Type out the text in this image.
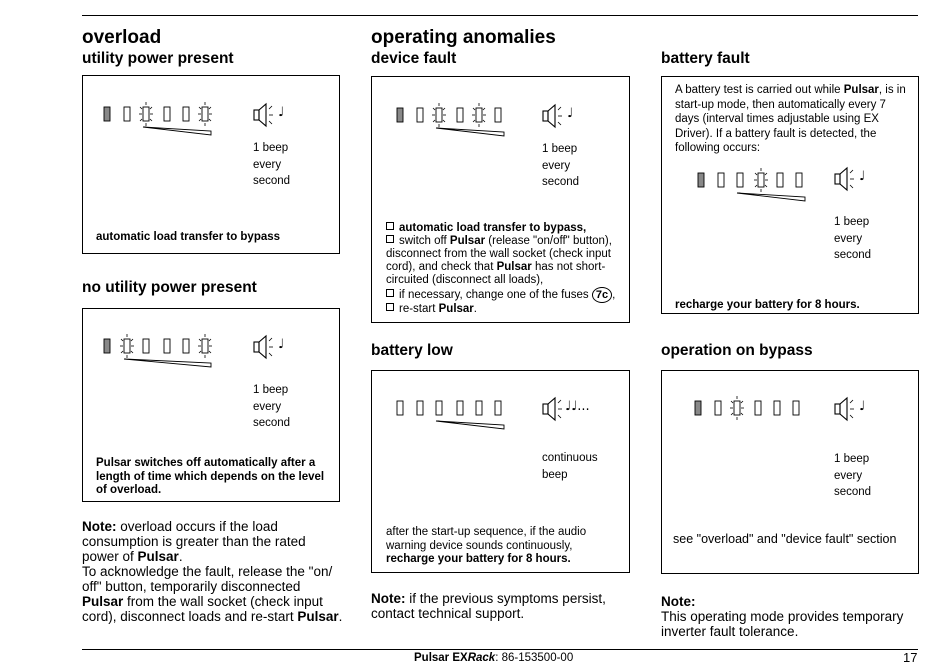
overload
utility power present
♩
1 beep
every
second
automatic load transfer to bypass
no utility power present
♩
1 beep
every
second
Pulsar switches off automatically after a length of time which depends on the level of overload.
Note: overload occurs if the load consumption is greater than the rated power of Pulsar.
To acknowledge the fault, release the "on/ off" button, temporarily disconnected Pulsar from the wall socket (check input cord), disconnect loads and re-start Pulsar.
operating anomalies
device fault
♩
1 beep
every
second
automatic load transfer to bypass,
switch off Pulsar (release "on/off" button), disconnect from the wall socket (check input cord), and check that Pulsar has not short-circuited (disconnect all loads),
if necessary, change one of the fuses 7c ,
re-start Pulsar.
battery low
♩♩...
continuous
beep
after the start-up sequence, if the audio warning device sounds continuously,
recharge your battery for 8 hours.
Note: if the previous symptoms persist, contact technical support.
battery fault
A battery test is carried out while Pulsar, is in start-up mode, then automatically every 7 days (interval times adjustable using EX Driver). If a battery fault is detected, the following occurs:
♩
1 beep
every
second
recharge your battery for 8 hours.
operation on bypass
♩
1 beep
every
second
see "overload" and "device fault" section
Note:
This operating mode provides temporary inverter fault tolerance.
Pulsar EXRack: 86-153500-00	17
